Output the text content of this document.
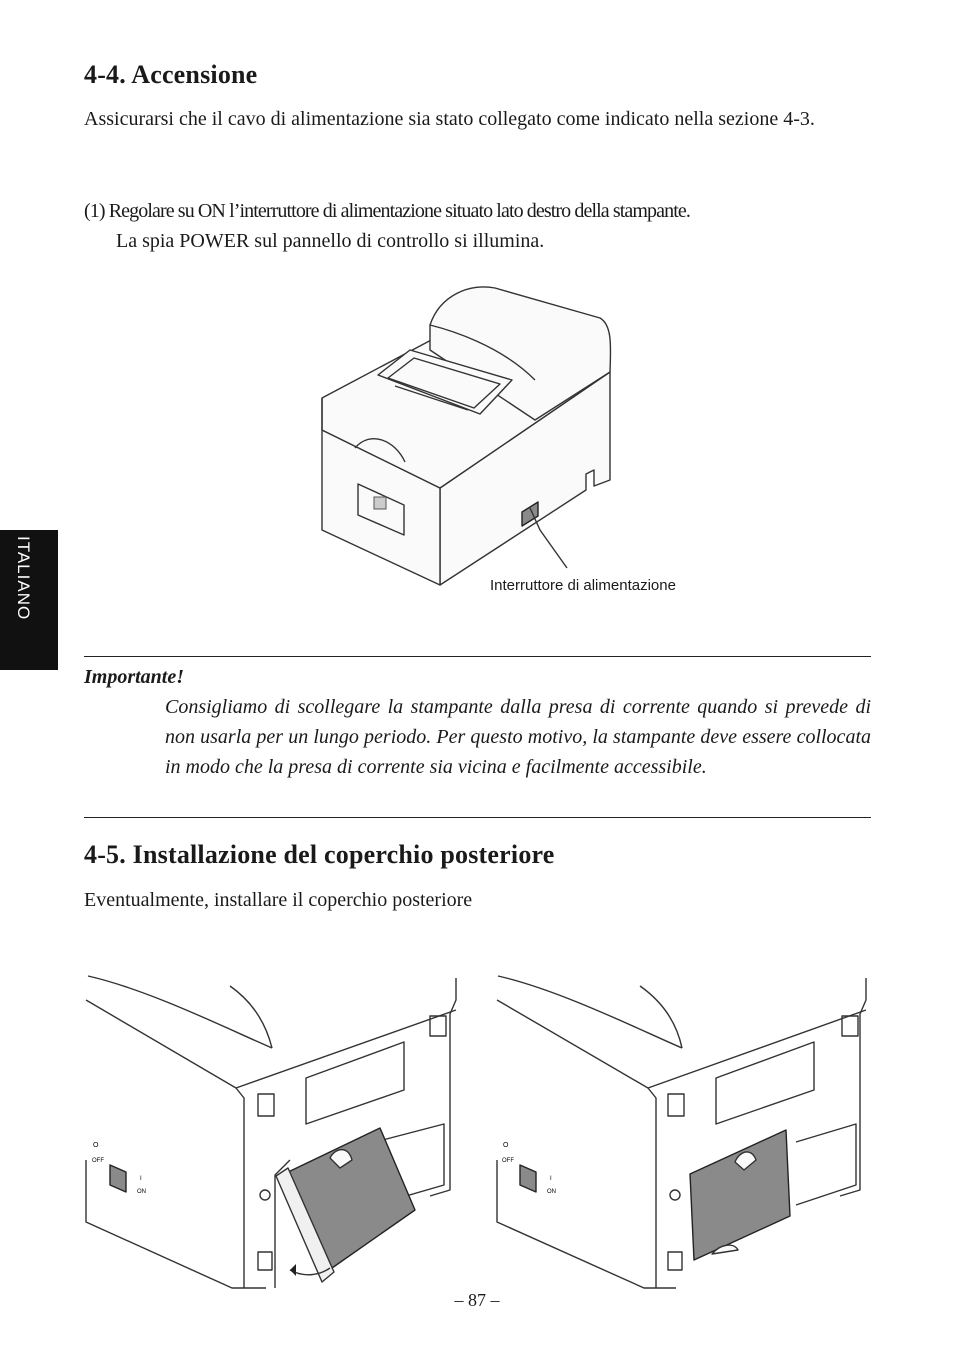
4-4. Accensione
Assicurarsi che il cavo di alimentazione sia stato collegato come indicato nella sezione 4-3.
(1) Regolare su ON l’interruttore di alimentazione situato lato destro della stampante.
La spia POWER sul pannello di controllo si illumina.
Interruttore di alimentazione
ITALIANO
Importante!
Consigliamo di scollegare la stampante dalla presa di corrente quando si prevede di non usarla per un lungo periodo. Per questo motivo, la stampante deve essere collocata in modo che la presa di corrente sia vicina e facilmente accessibile.
4-5. Installazione del coperchio posteriore
Eventualmente, installare il coperchio posteriore
O
OFF
I
ON
O
OFF
I
ON
– 87 –
